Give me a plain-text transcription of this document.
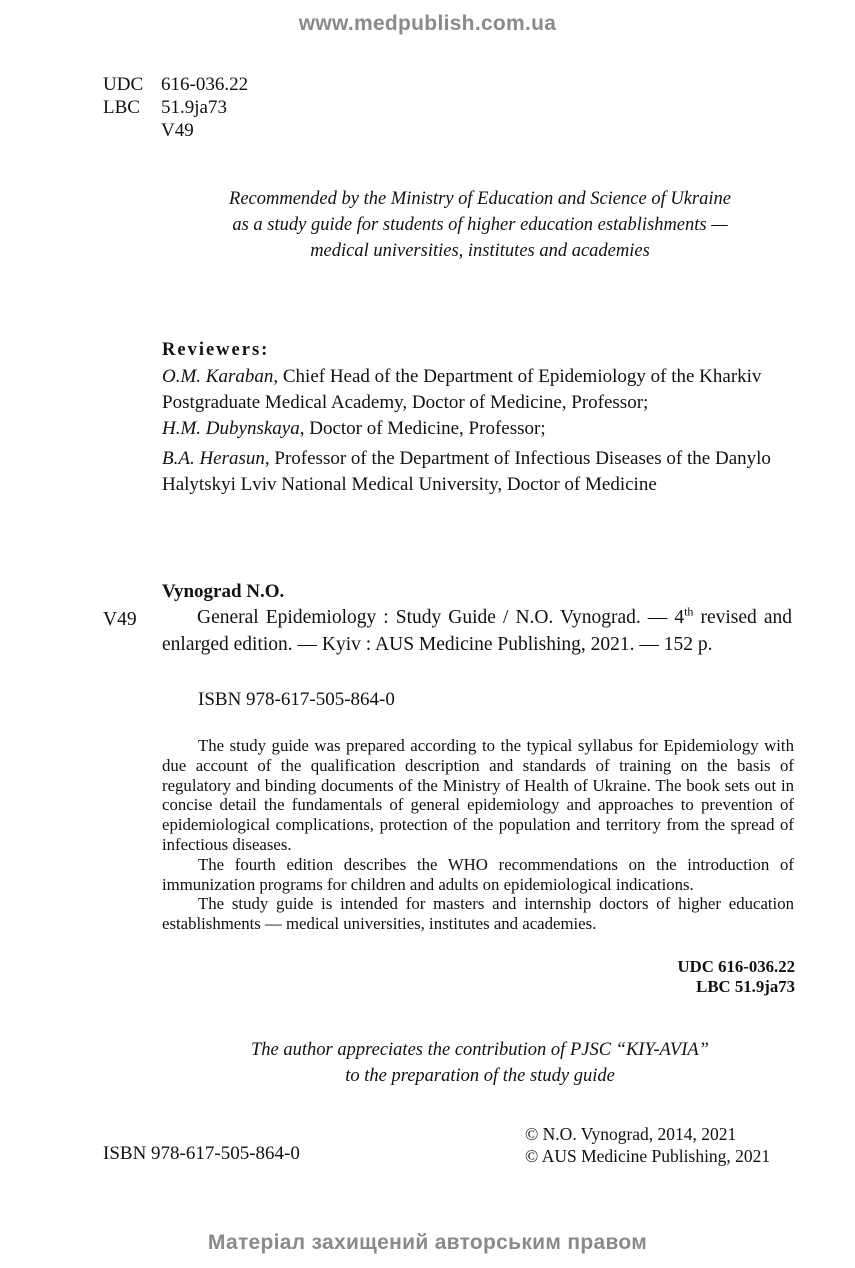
www.medpublish.com.ua
UDC 616-036.22
LBC 51.9ja73
V49
Recommended by the Ministry of Education and Science of Ukraine
as a study guide for students of higher education establishments —
medical universities, institutes and academies
Reviewers:
O.M. Karaban, Chief Head of the Department of Epidemiology of the Kharkiv Postgraduate Medical Academy, Doctor of Medicine, Professor;
H.M. Dubynskaya, Doctor of Medicine, Professor;
B.A. Herasun, Professor of the Department of Infectious Diseases of the Danylo Halytskyi Lviv National Medical University, Doctor of Medicine
Vynograd N.O.
V49	General Epidemiology : Study Guide / N.O. Vynograd. — 4th revised and enlarged edition. — Kyiv : AUS Medicine Publishing, 2021. — 152 p.
ISBN 978-617-505-864-0

The study guide was prepared according to the typical syllabus for Epidemiology with due account of the qualification description and standards of training on the basis of regulatory and binding documents of the Ministry of Health of Ukraine. The book sets out in concise detail the fundamentals of general epidemiology and approaches to prevention of epidemiological complications, protection of the population and territory from the spread of infectious diseases.

The fourth edition describes the WHO recommendations on the introduction of immunization programs for children and adults on epidemiological indications.

The study guide is intended for masters and internship doctors of higher education establishments — medical universities, institutes and academies.

UDC 616-036.22
LBC 51.9ja73
The author appreciates the contribution of PJSC “KIY-AVIA”
to the preparation of the study guide
ISBN 978-617-505-864-0
© N.O. Vynograd, 2014, 2021
© AUS Medicine Publishing, 2021
Матеріал захищений авторським правом
